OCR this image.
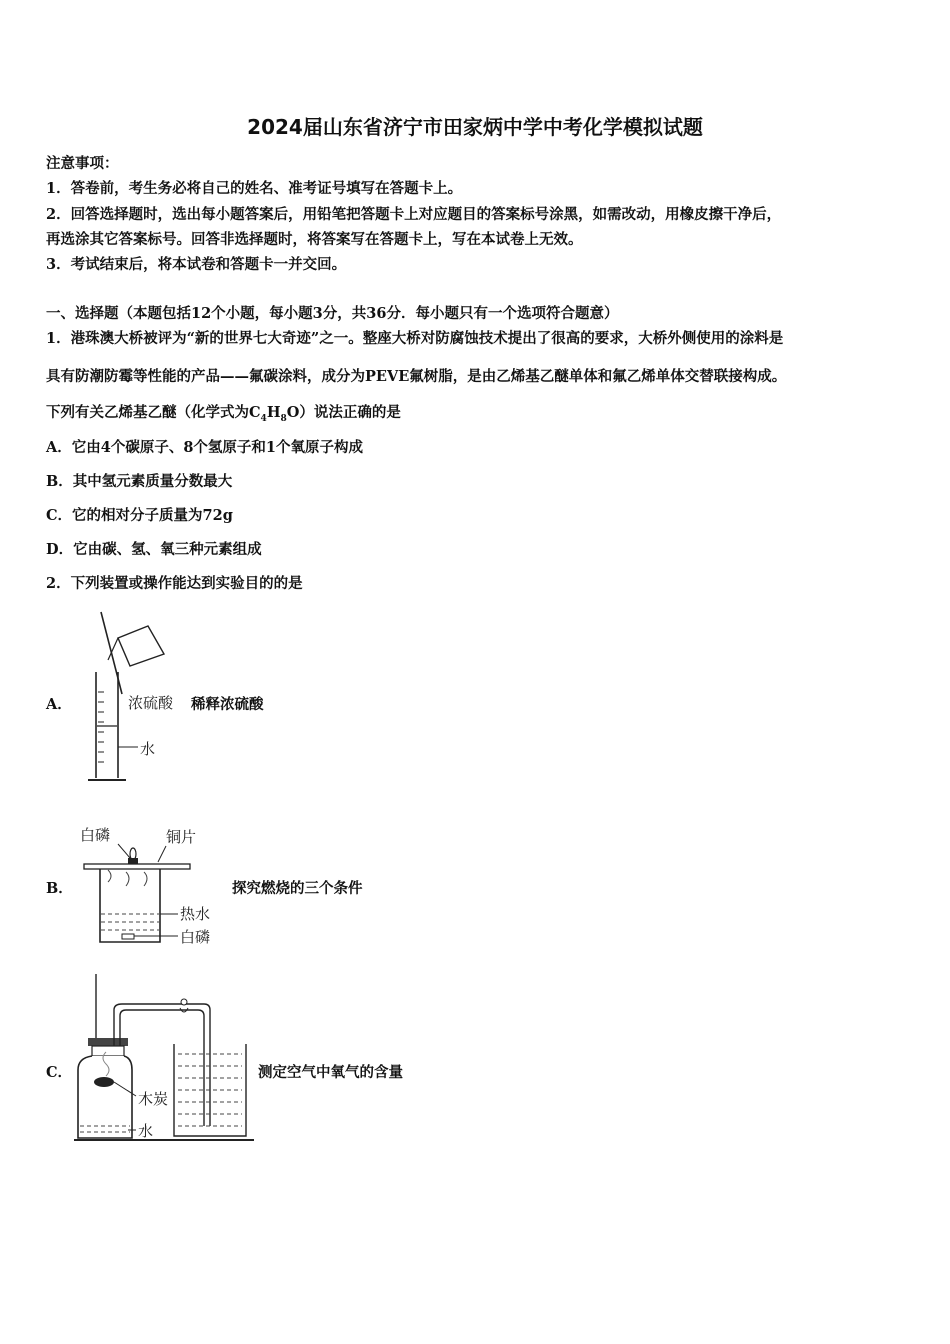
2024届山东省济宁市田家炳中学中考化学模拟试题
注意事项：
1．答卷前，考生务必将自己的姓名、准考证号填写在答题卡上。
2．回答选择题时，选出每小题答案后，用铅笔把答题卡上对应题目的答案标号涂黑，如需改动，用橡皮擦干净后，
再选涂其它答案标号。回答非选择题时，将答案写在答题卡上，写在本试卷上无效。
3．考试结束后，将本试卷和答题卡一并交回。
一、选择题（本题包括12个小题，每小题3分，共36分．每小题只有一个选项符合题意）
1．港珠澳大桥被评为“新的世界七大奇迹”之一。整座大桥对防腐蚀技术提出了很高的要求，大桥外侧使用的涂料是
具有防潮防霉等性能的产品——氟碳涂料，成分为PEVE氟树脂，是由乙烯基乙醚单体和氟乙烯单体交替联接构成。
下列有关乙烯基乙醚（化学式为$C_4H_8O$）说法正确的是
A．它由4个碳原子、8个氢原子和1个氧原子构成
B．其中氢元素质量分数最大
C．它的相对分子质量为72g
D．它由碳、氢、氧三种元素组成
2．下列装置或操作能达到实验目的的是
A．	浓硫酸
水
稀释浓硫酸
B．
白磷	铜片
热水
白磷
探究燃烧的三个条件
C．
木炭
水
测定空气中氧气的含量
